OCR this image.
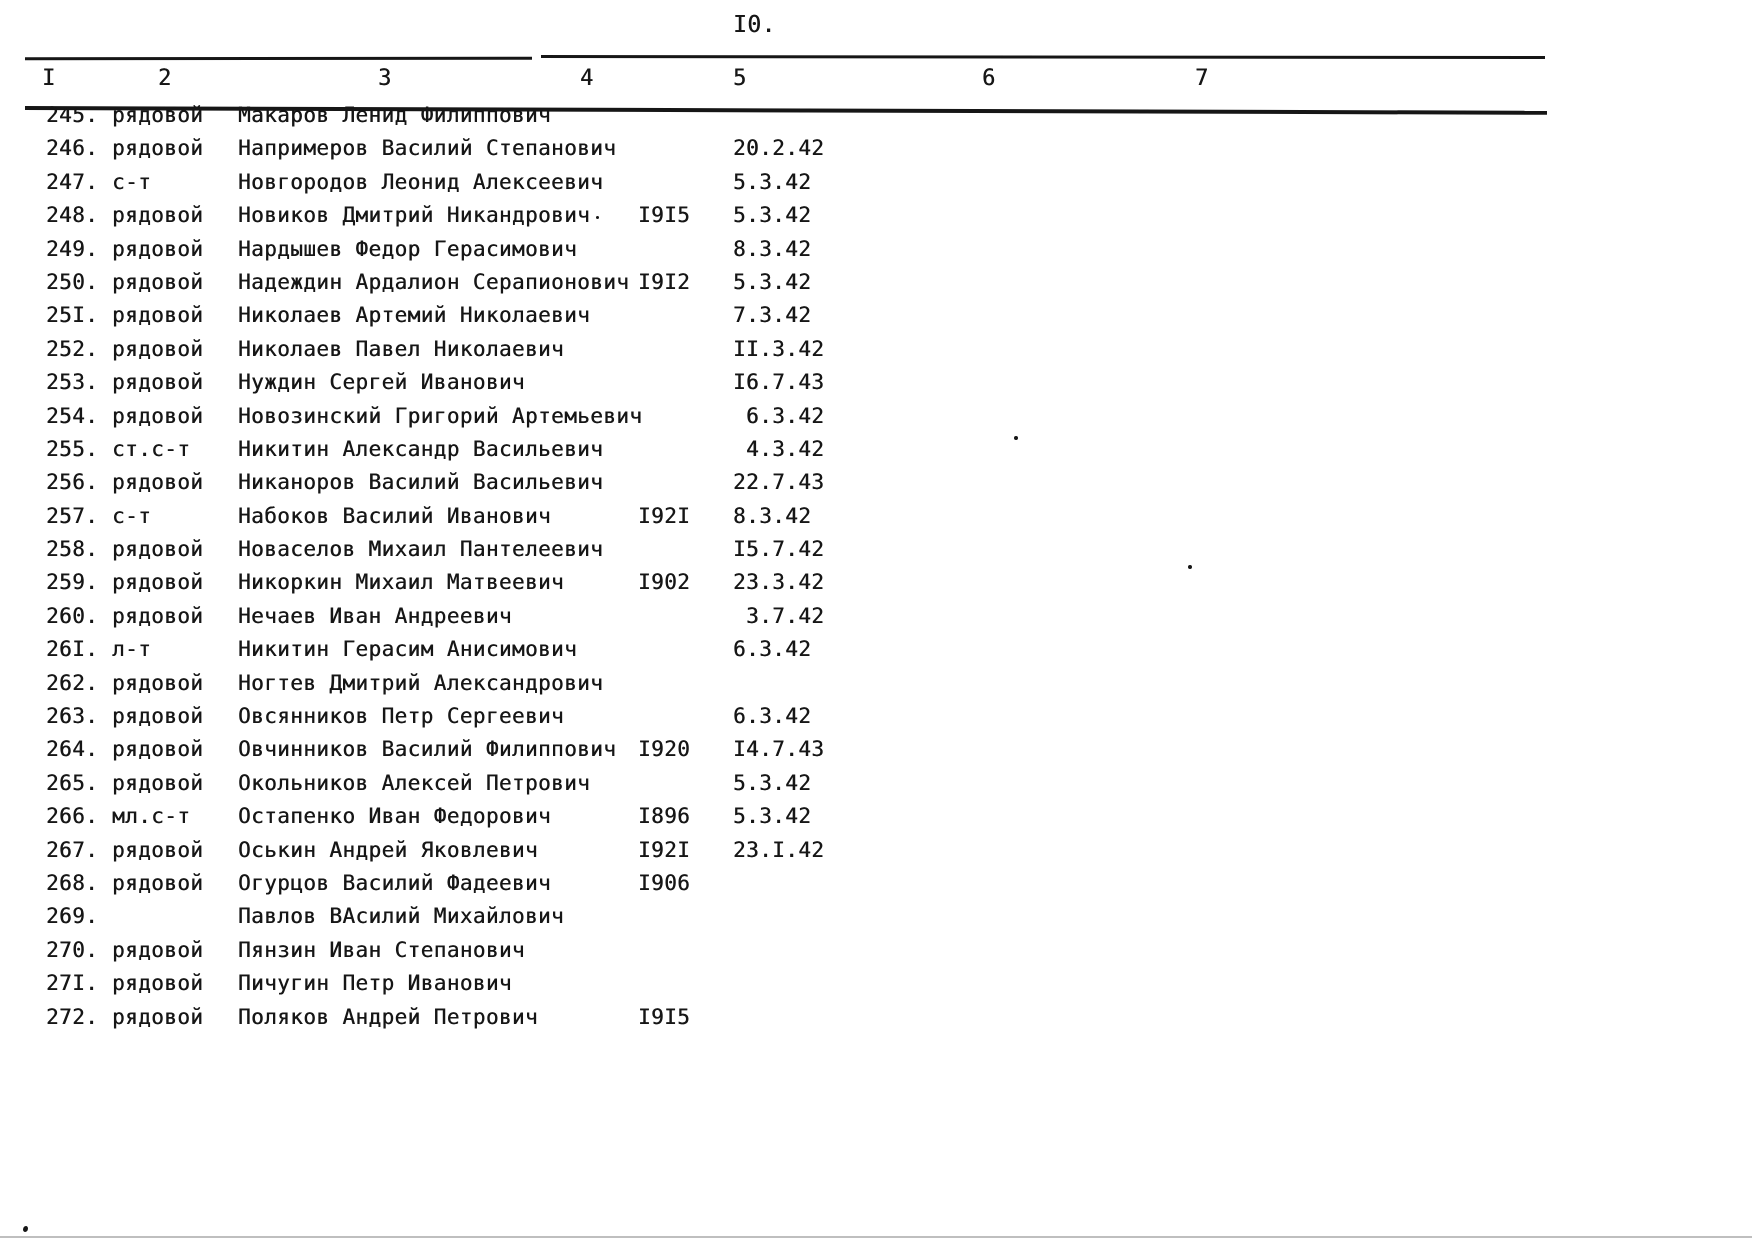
I0.
I	2	3	4	5	6	7
245. рядовой	Макаров Ленид Филиппович
246. рядовой	Напримеров Василий Степанович	20.2.42
247. с-т	Новгородов Леонид Алексеевич	5.3.42
248. рядовой	Новиков Дмитрий Никандрович	I9I5	5.3.42
249. рядовой	Нардышев Федор Герасимович	8.3.42
250. рядовой	Надеждин Ардалион Серапионович I9I2	5.3.42
25I. рядовой	Николаев Артемий Николаевич	7.3.42
252. рядовой	Николаев Павел Николаевич	II.3.42
253. рядовой	Нуждин Сергей Иванович	I6.7.43
254. рядовой	Новозинский Григорий Артемьевич	6.3.42
255. ст.с-т	Никитин Александр Васильевич	4.3.42
256. рядовой	Никаноров Василий Васильевич	22.7.43
257. с-т	Набоков Василий Иванович	I92I	8.3.42
258. рядовой	Новаселов Михаил Пантелеевич	I5.7.42
259. рядовой	Никоркин Михаил Матвеевич	I902	23.3.42
260. рядовой	Нечаев Иван Андреевич	3.7.42
26I. л-т	Никитин Герасим Анисимович	6.3.42
262. рядовой	Ногтев Дмитрий Александрович
263. рядовой	Овсянников Петр Сергеевич	6.3.42
264. рядовой	Овчинников Василий Филиппович	I920	I4.7.43
265. рядовой	Окольников Алексей Петрович	5.3.42
266. мл.с-т	Остапенко Иван Федорович	I896	5.3.42
267. рядовой	Оськин Андрей Яковлевич	I92I	23.I.42
268. рядовой	Огурцов Василий Фадеевич	I906
269.	Павлов ВАсилий Михайлович
270. рядовой	Пянзин Иван Степанович
27I. рядовой	Пичугин Петр Иванович
272. рядовой	Поляков Андрей Петрович	I9I5
